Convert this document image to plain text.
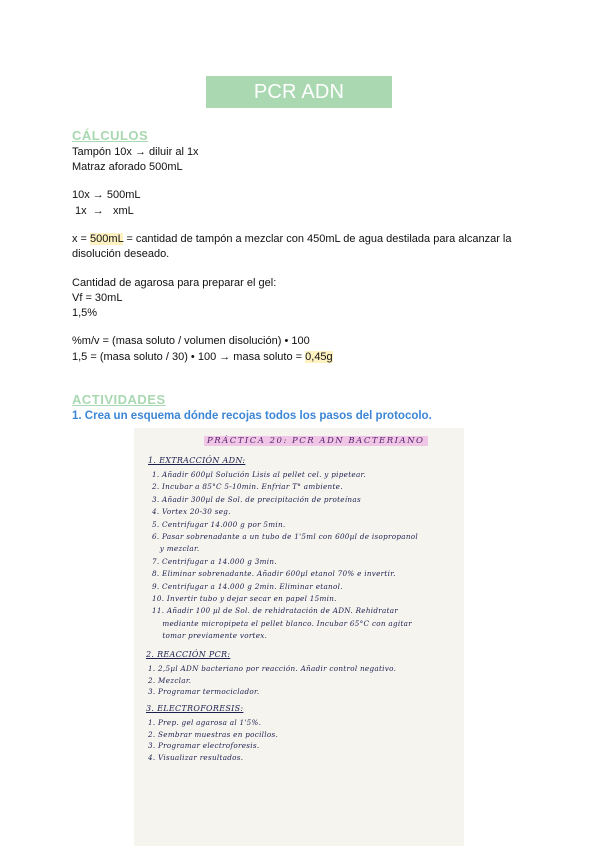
PCR ADN bacteriano
CÁLCULOS
Tampón 10x → diluir al 1x
Matraz aforado 500mL
10x → 500mL
1x  →   xmL
x = 500mL = cantidad de tampón a mezclar con 450mL de agua destilada para alcanzar la
disolución deseado.
Cantidad de agarosa para preparar el gel:
Vf = 30mL
1,5%
%m/v = (masa soluto / volumen disolución) • 100
1,5 = (masa soluto / 30) • 100 → masa soluto = 0,45g
ACTIVIDADES
1. Crea un esquema dónde recojas todos los pasos del protocolo.
PRÁCTICA 20: PCR ADN BACTERIANO
1. EXTRACCIÓN ADN:
1. Añadir 600µl Solución Lisis al pellet cel. y pipetear.
2. Incubar a 85°C 5-10min. Enfriar T° ambiente.
3. Añadir 300µl de Sol. de precipitación de proteínas
4. Vortex 20-30 seg.
5. Centrifugar 14.000 g por 5min.
6. Pasar sobrenadante a un tubo de 1'5ml con 600µl de isopropanol
y mezclar.
7. Centrifugar a 14.000 g 3min.
8. Eliminar sobrenadante. Añadir 600µl etanol 70% e invertir.
9. Centrifugar a 14.000 g 2min. Eliminar etanol.
10. Invertir tubo y dejar secar en papel 15min.
11. Añadir 100 µl de Sol. de rehidratación de ADN. Rehidratar
mediante micropipeta el pellet blanco. Incubar 65°C con agitar
tomar previamente vortex.
2. REACCIÓN PCR:
1. 2,5µl ADN bacteriano por reacción. Añadir control negativo.
2. Mezclar.
3. Programar termociclador.
3. ELECTROFORESIS:
1. Prep. gel agarosa al 1'5%.
2. Sembrar muestras en pocillos.
3. Programar electroforesis.
4. Visualizar resultados.
